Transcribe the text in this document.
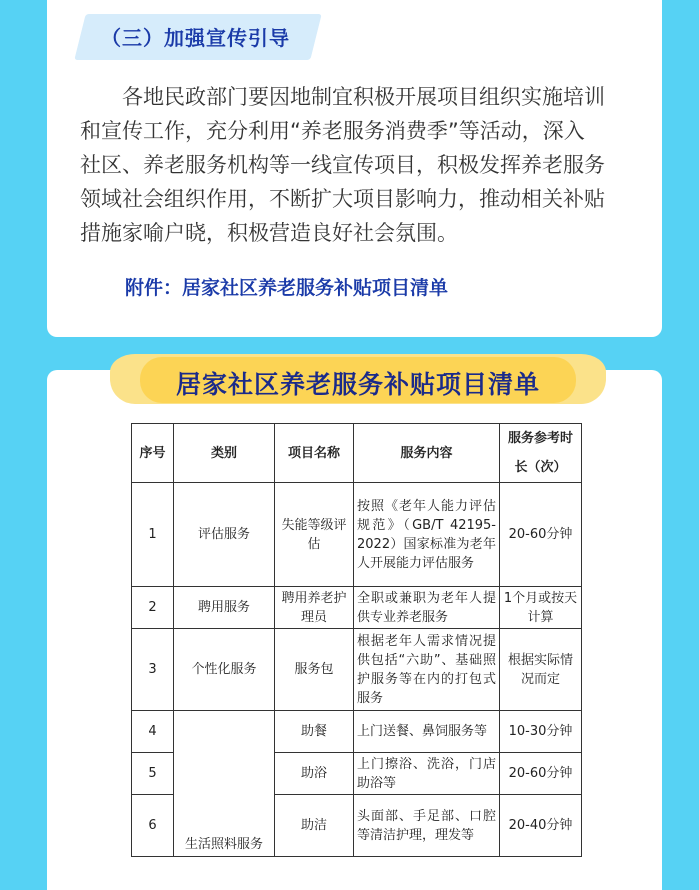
（三）加强宣传引导
各地民政部门要因地制宜积极开展项目组织实施培训
和宣传工作，充分利用“养老服务消费季”等活动，深入
社区、养老服务机构等一线宣传项目，积极发挥养老服务
领域社会组织作用，不断扩大项目影响力，推动相关补贴
措施家喻户晓，积极营造良好社会氛围。
附件：居家社区养老服务补贴项目清单
居家社区养老服务补贴项目清单
序号	类别	项目名称	服务内容	服务参考时长（次）
1	评估服务	失能等级评估	按照《老年人能力评估规范》（GB/T 42195-2022）国家标准为老年人开展能力评估服务	20-60分钟
2	聘用服务	聘用养老护理员	全职或兼职为老年人提供专业养老服务	1个月或按天计算
3	个性化服务	服务包	根据老年人需求情况提供包括“六助”、基础照护服务等在内的打包式服务	根据实际情况而定
4	生活照料服务	助餐	上门送餐、鼻饲服务等	10-30分钟
5		助浴	上门擦浴、洗浴，门店助浴等	20-60分钟
6		助洁	头面部、手足部、口腔等清洁护理，理发等	20-40分钟
